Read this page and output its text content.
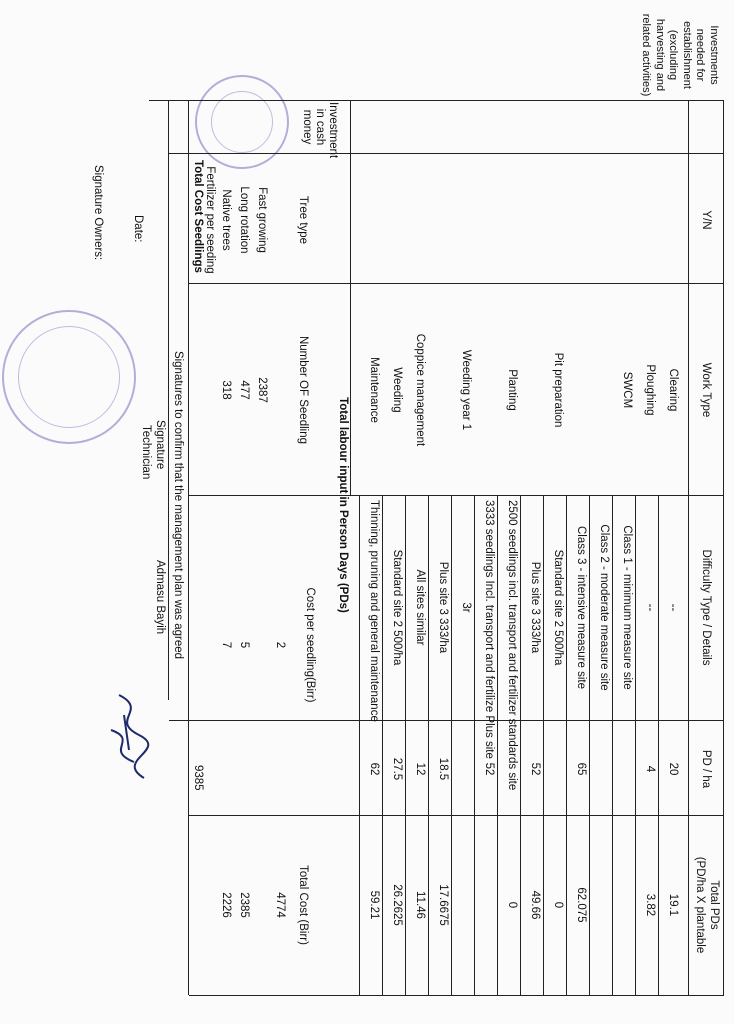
Investments needed for establishment (excluding harvesting and related activities)
Y/N
Work Type
Difficulty Type / Details
PD / ha
Total PDs
(PD/ha X plantable
Clearing
--
20
19.1
Ploughing
--
4
3.82
SWCM
Class 1 - minimum measure site
Class 2 - moderate measure site
Class 3 - intensive measure site
65
62.075
Pit preparation
Standard site 2 500/ha
0
Plus site 3 333/ha
52
49.66
Planting
2500 seedlings incl. transport and fertilizer standards site
0
3333 seedlings Incl. transport and fertilize Plus site
52
Weeding year 1
3r
Plus site 3 333/ha
18.5
17.6675
Coppice management
All sites similar
12
11.46
Weeding
Standard site 2 500/ha
27.5
26.2625
Maintenance
Thinning, pruning and general maintenance
62
59.21
Total labour input in Person Days (PDs)
Investment in cash money
Tree type
Number OF Seedling
Cost per seedling(Birr)
Total Cost (Birr)
2
4774
Fast growing
2387
Long rotation
477
5
2385
Native trees
318
7
2226
Fertilizer per seeding
Total Cost Seedlings
9385
Signatures to confirm that the management plan was agreed
Signature
Technician
Admasu Bayih
Date:
Signature Owners:
